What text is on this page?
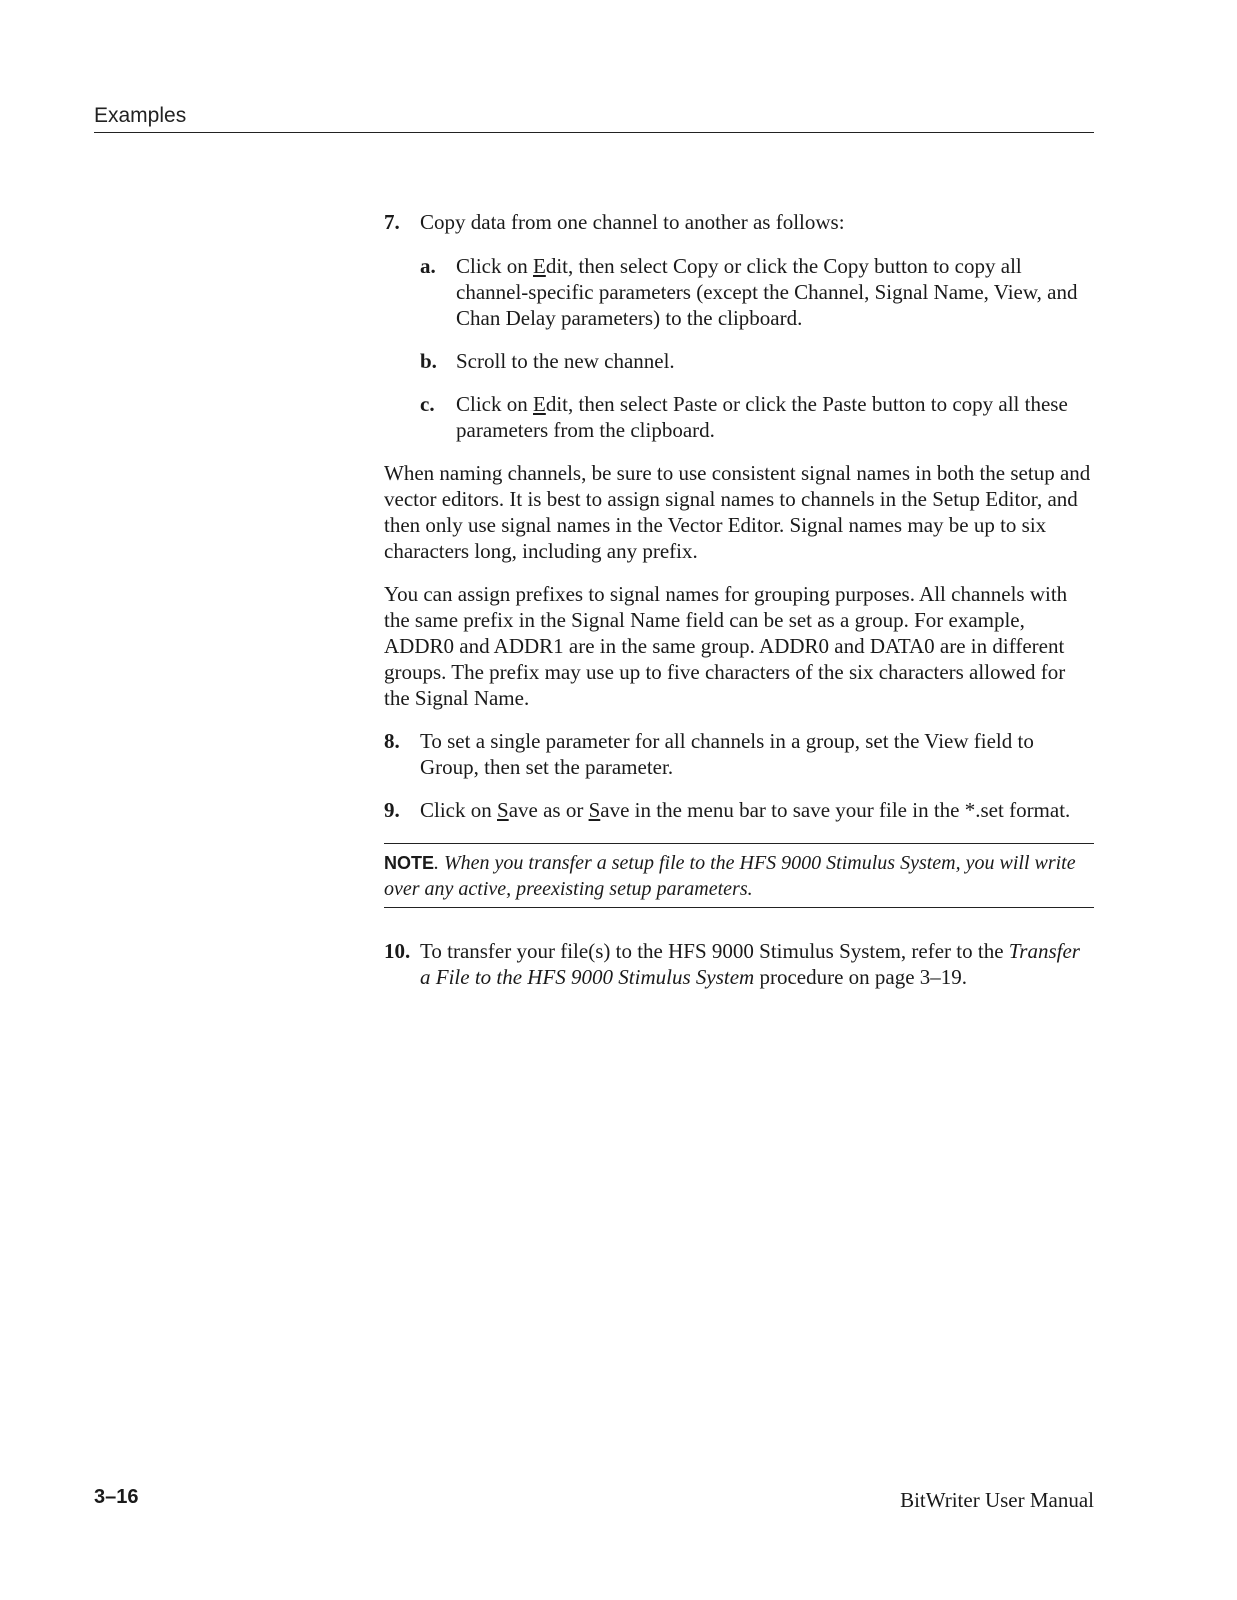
Examples
7. Copy data from one channel to another as follows:
a. Click on Edit, then select Copy or click the Copy button to copy all channel-specific parameters (except the Channel, Signal Name, View, and Chan Delay parameters) to the clipboard.
b. Scroll to the new channel.
c. Click on Edit, then select Paste or click the Paste button to copy all these parameters from the clipboard.

When naming channels, be sure to use consistent signal names in both the setup and vector editors. It is best to assign signal names to channels in the Setup Editor, and then only use signal names in the Vector Editor. Signal names may be up to six characters long, including any prefix.

You can assign prefixes to signal names for grouping purposes. All channels with the same prefix in the Signal Name field can be set as a group. For example, ADDR0 and ADDR1 are in the same group. ADDR0 and DATA0 are in different groups. The prefix may use up to five characters of the six characters allowed for the Signal Name.

8. To set a single parameter for all channels in a group, set the View field to Group, then set the parameter.
9. Click on Save as or Save in the menu bar to save your file in the *.set format.
NOTE. When you transfer a setup file to the HFS 9000 Stimulus System, you will write over any active, preexisting setup parameters.
10. To transfer your file(s) to the HFS 9000 Stimulus System, refer to the Transfer a File to the HFS 9000 Stimulus System procedure on page 3–19.
3–16	BitWriter User Manual
